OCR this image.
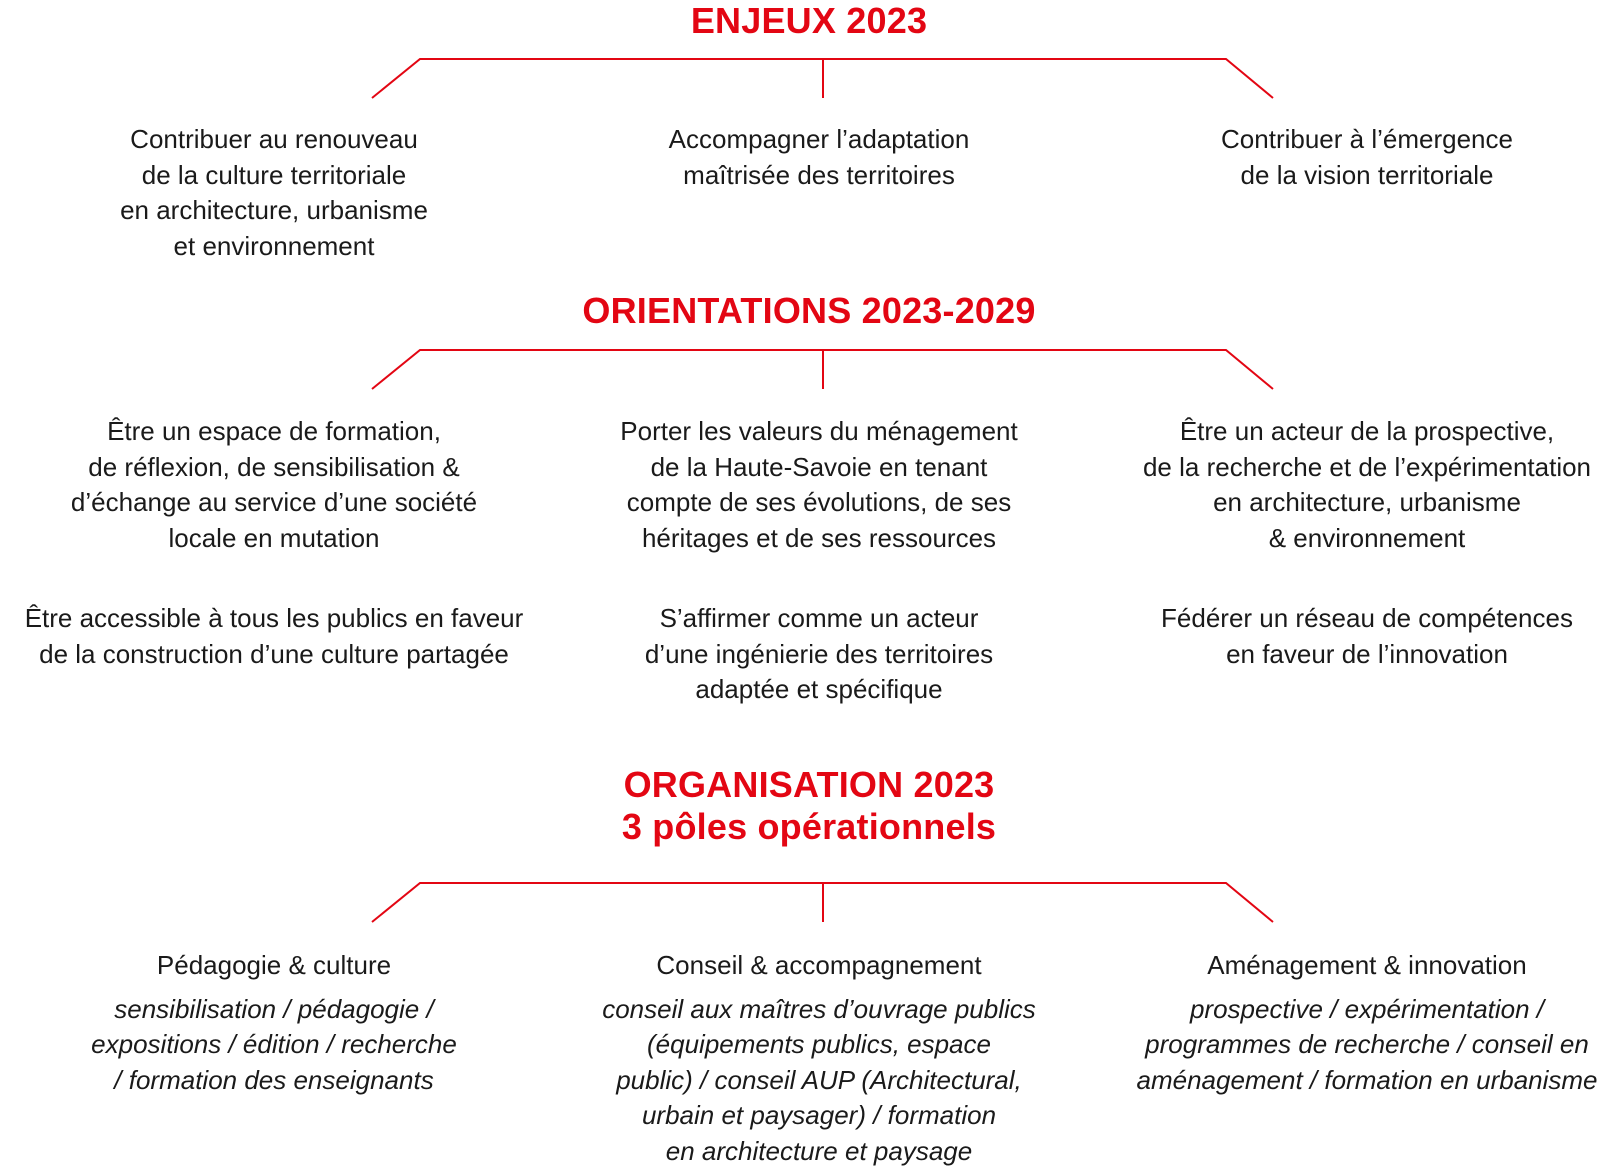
ENJEUX 2023
Contribuer au renouveau
de la culture territoriale
en architecture, urbanisme
et environnement
Accompagner l’adaptation
maîtrisée des territoires
Contribuer à l’émergence
de la vision territoriale
ORIENTATIONS 2023-2029
Être un espace de formation,
de réflexion, de sensibilisation &
d’échange au service d’une société
locale en mutation
Être accessible à tous les publics en faveur
de la construction d’une culture partagée
Porter les valeurs du ménagement
de la Haute-Savoie en tenant
compte de ses évolutions, de ses
héritages et de ses ressources
S’affirmer comme un acteur
d’une ingénierie des territoires
adaptée et spécifique
Être un acteur de la prospective,
de la recherche et de l’expérimentation
en architecture, urbanisme
& environnement
Fédérer un réseau de compétences
en faveur de l’innovation
ORGANISATION 2023
3 pôles opérationnels
Pédagogie & culture
sensibilisation / pédagogie /
expositions / édition / recherche
/ formation des enseignants
Conseil & accompagnement
conseil aux maîtres d’ouvrage publics
(équipements publics, espace
public) / conseil AUP (Architectural,
urbain et paysager) / formation
en architecture et paysage
Aménagement & innovation
prospective / expérimentation /
programmes de recherche / conseil en
aménagement / formation en urbanisme
